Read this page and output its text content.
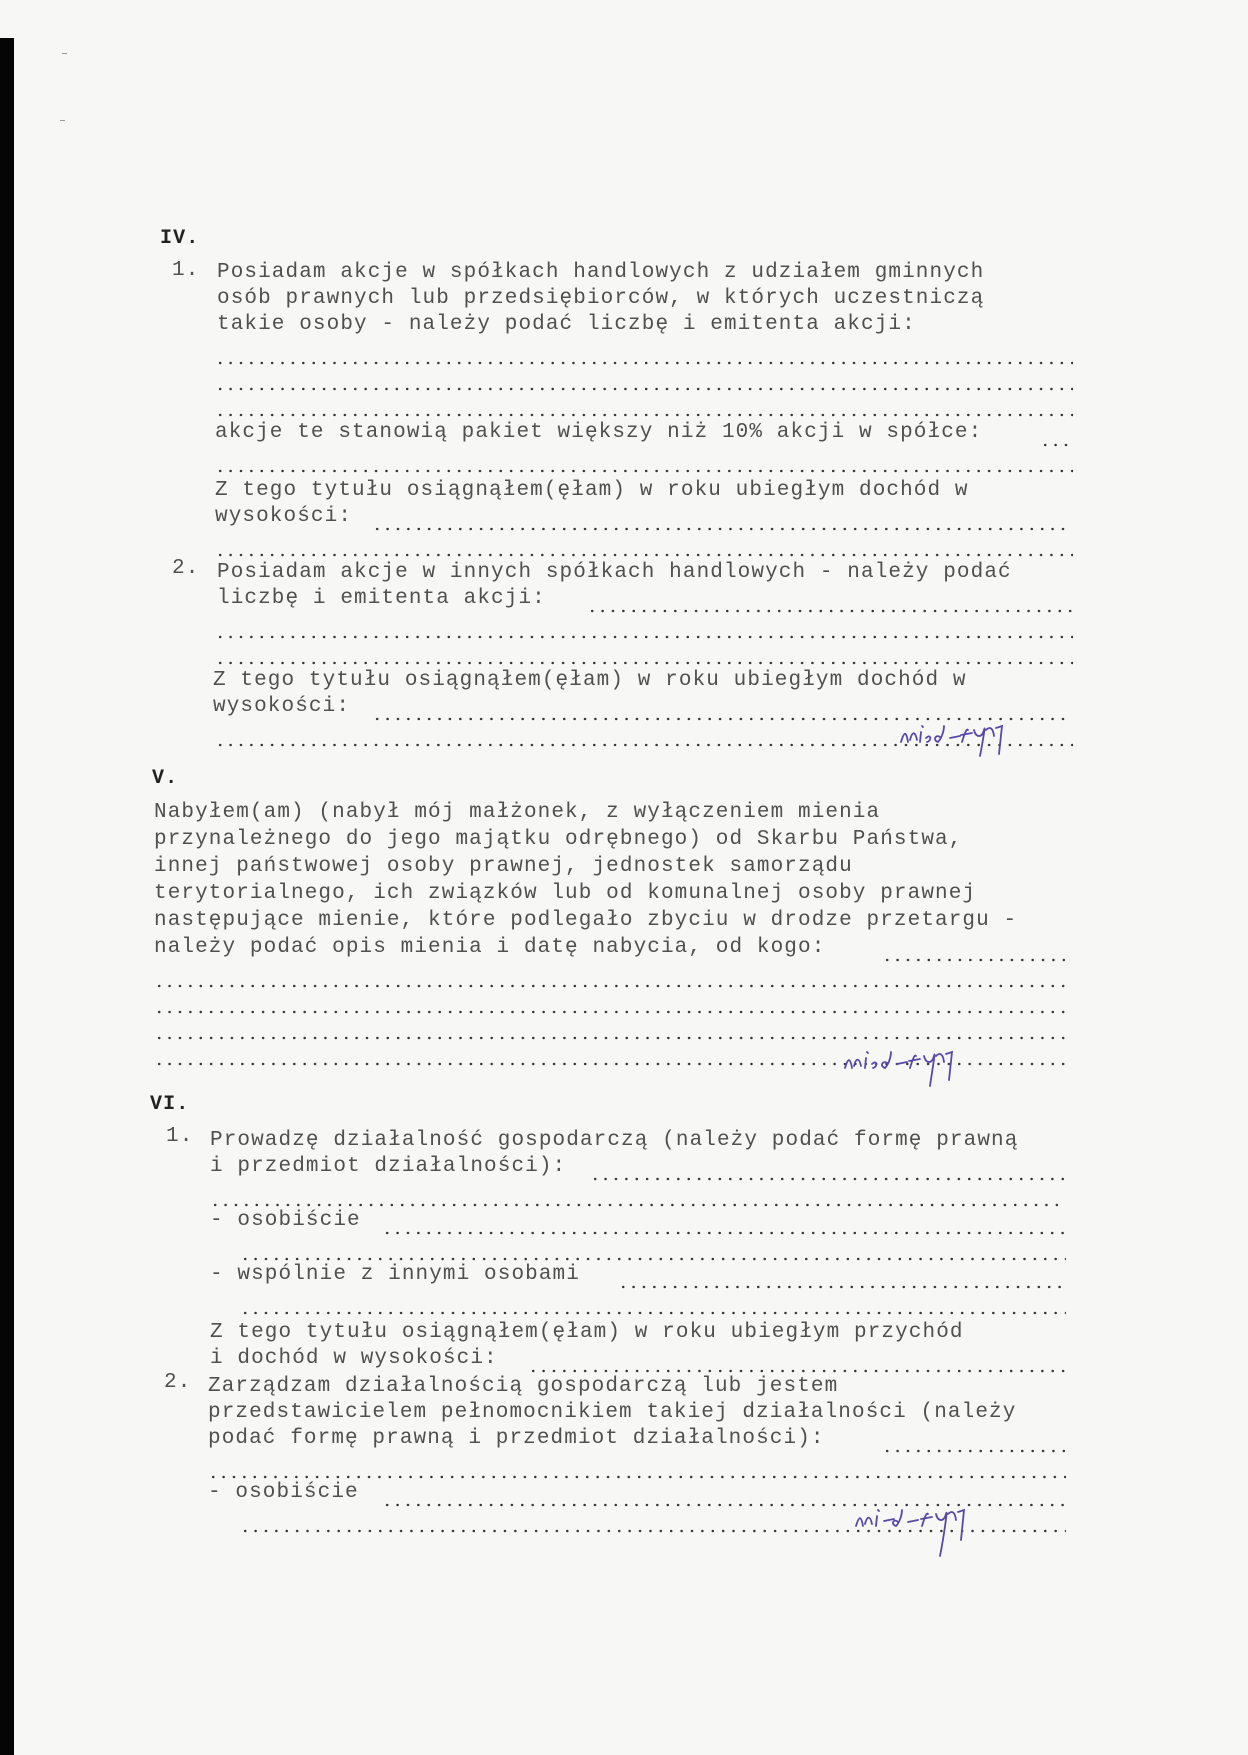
IV.
1. Posiadam akcje w spółkach handlowych z udziałem gminnych
osób prawnych lub przedsiębiorców, w których uczestniczą
takie osoby - należy podać liczbę i emitenta akcji:
akcje te stanowią pakiet większy niż 10% akcji w spółce:
Z tego tytułu osiągnąłem(ęłam) w roku ubiegłym dochód w
wysokości:
2. Posiadam akcje w innych spółkach handlowych - należy podać
liczbę i emitenta akcji:
Z tego tytułu osiągnąłem(ęłam) w roku ubiegłym dochód w
wysokości:
V.
Nabyłem(am) (nabył mój małżonek, z wyłączeniem mienia
przynależnego do jego majątku odrębnego) od Skarbu Państwa,
innej państwowej osoby prawnej, jednostek samorządu
terytorialnego, ich związków lub od komunalnej osoby prawnej
następujące mienie, które podlegało zbyciu w drodze przetargu -
należy podać opis mienia i datę nabycia, od kogo:
VI.
1. Prowadzę działalność gospodarczą (należy podać formę prawną
i przedmiot działalności):
- osobiście
- wspólnie z innymi osobami
Z tego tytułu osiągnąłem(ęłam) w roku ubiegłym przychód
i dochód w wysokości:
2. Zarządzam działalnością gospodarczą lub jestem
przedstawicielem pełnomocnikiem takiej działalności (należy
podać formę prawną i przedmiot działalności):
- osobiście
